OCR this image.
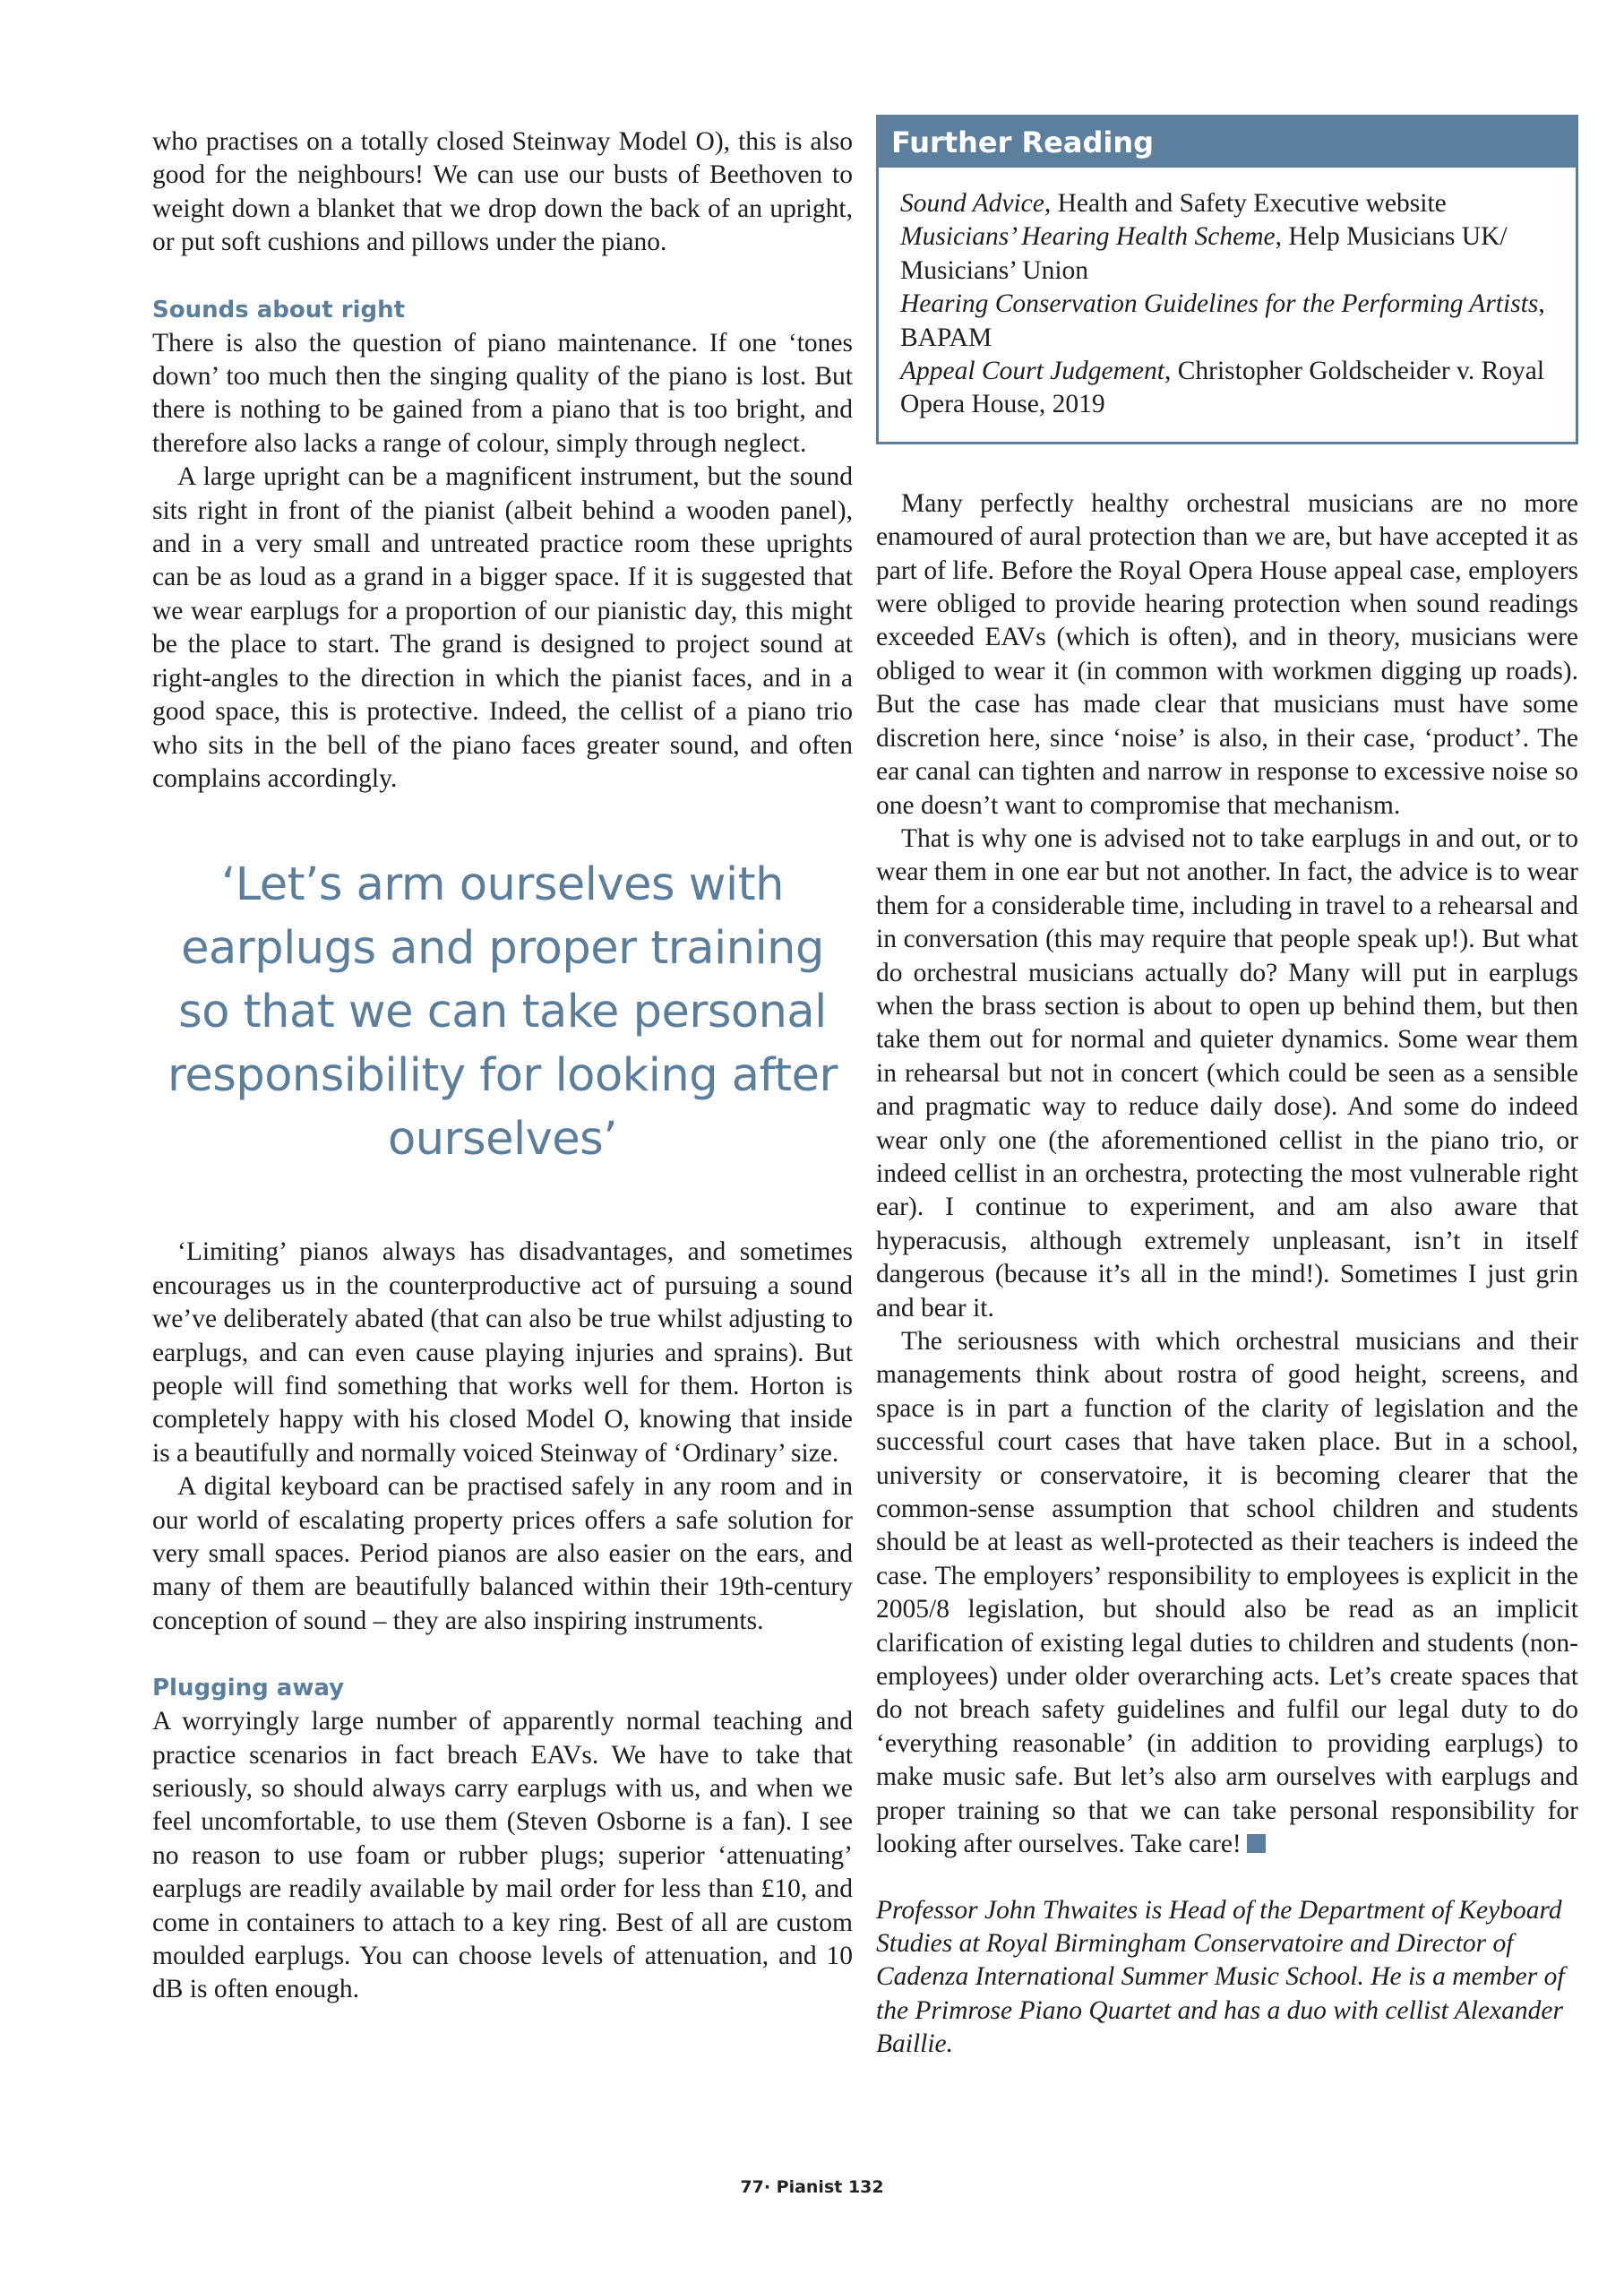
who practises on a totally closed Steinway Model O), this is also good for the neighbours! We can use our busts of Beethoven to weight down a blanket that we drop down the back of an upright, or put soft cushions and pillows under the piano.

Sounds about right

There is also the question of piano maintenance. If one ‘tones down’ too much then the singing quality of the piano is lost. But there is nothing to be gained from a piano that is too bright, and therefore also lacks a range of colour, simply through neglect.

A large upright can be a magnificent instrument, but the sound sits right in front of the pianist (albeit behind a wooden panel), and in a very small and untreated practice room these uprights can be as loud as a grand in a bigger space. If it is suggested that we wear earplugs for a proportion of our pianistic day, this might be the place to start. The grand is designed to project sound at right-angles to the direction in which the pianist faces, and in a good space, this is protective. Indeed, the cellist of a piano trio who sits in the bell of the piano faces greater sound, and often complains accordingly.

‘Let’s arm ourselves with earplugs and proper training so that we can take personal responsibility for looking after ourselves’

‘Limiting’ pianos always has disadvantages, and sometimes encourages us in the counterproductive act of pursuing a sound we’ve deliberately abated (that can also be true whilst adjusting to earplugs, and can even cause playing injuries and sprains). But people will find something that works well for them. Horton is completely happy with his closed Model O, knowing that inside is a beautifully and normally voiced Steinway of ‘Ordinary’ size.

A digital keyboard can be practised safely in any room and in our world of escalating property prices offers a safe solution for very small spaces. Period pianos are also easier on the ears, and many of them are beautifully balanced within their 19th-century conception of sound – they are also inspiring instruments.

Plugging away

A worryingly large number of apparently normal teaching and practice scenarios in fact breach EAVs. We have to take that seriously, so should always carry earplugs with us, and when we feel uncomfortable, to use them (Steven Osborne is a fan). I see no reason to use foam or rubber plugs; superior ‘attenuating’ earplugs are readily available by mail order for less than £10, and come in containers to attach to a key ring. Best of all are custom moulded earplugs. You can choose levels of attenuation, and 10 dB is often enough.

Further Reading

Sound Advice, Health and Safety Executive website

Musicians’ Hearing Health Scheme, Help Musicians UK/ Musicians’ Union

Hearing Conservation Guidelines for the Performing Artists, BAPAM

Appeal Court Judgement, Christopher Goldscheider v. Royal Opera House, 2019

Many perfectly healthy orchestral musicians are no more enamoured of aural protection than we are, but have accepted it as part of life. Before the Royal Opera House appeal case, employers were obliged to provide hearing protection when sound readings exceeded EAVs (which is often), and in theory, musicians were obliged to wear it (in common with workmen digging up roads). But the case has made clear that musicians must have some discretion here, since ‘noise’ is also, in their case, ‘product’. The ear canal can tighten and narrow in response to excessive noise so one doesn’t want to compromise that mechanism.

That is why one is advised not to take earplugs in and out, or to wear them in one ear but not another. In fact, the advice is to wear them for a considerable time, including in travel to a rehearsal and in conversation (this may require that people speak up!). But what do orchestral musicians actually do? Many will put in earplugs when the brass section is about to open up behind them, but then take them out for normal and quieter dynamics. Some wear them in rehearsal but not in concert (which could be seen as a sensible and pragmatic way to reduce daily dose). And some do indeed wear only one (the aforementioned cellist in the piano trio, or indeed cellist in an orchestra, protecting the most vulnerable right ear). I continue to experiment, and am also aware that hyperacusis, although extremely unpleasant, isn’t in itself dangerous (because it’s all in the mind!). Sometimes I just grin and bear it.

The seriousness with which orchestral musicians and their managements think about rostra of good height, screens, and space is in part a function of the clarity of legislation and the successful court cases that have taken place. But in a school, university or conservatoire, it is becoming clearer that the common-sense assumption that school children and students should be at least as well-protected as their teachers is indeed the case. The employers’ responsibility to employees is explicit in the 2005/8 legislation, but should also be read as an implicit clarification of existing legal duties to children and students (non-employees) under older overarching acts. Let’s create spaces that do not breach safety guidelines and fulfil our legal duty to do ‘everything reasonable’ (in addition to providing earplugs) to make music safe. But let’s also arm ourselves with earplugs and proper training so that we can take personal responsibility for looking after ourselves. Take care!

Professor John Thwaites is Head of the Department of Keyboard Studies at Royal Birmingham Conservatoire and Director of Cadenza International Summer Music School. He is a member of the Primrose Piano Quartet and has a duo with cellist Alexander Baillie.

77· Pianist 132
